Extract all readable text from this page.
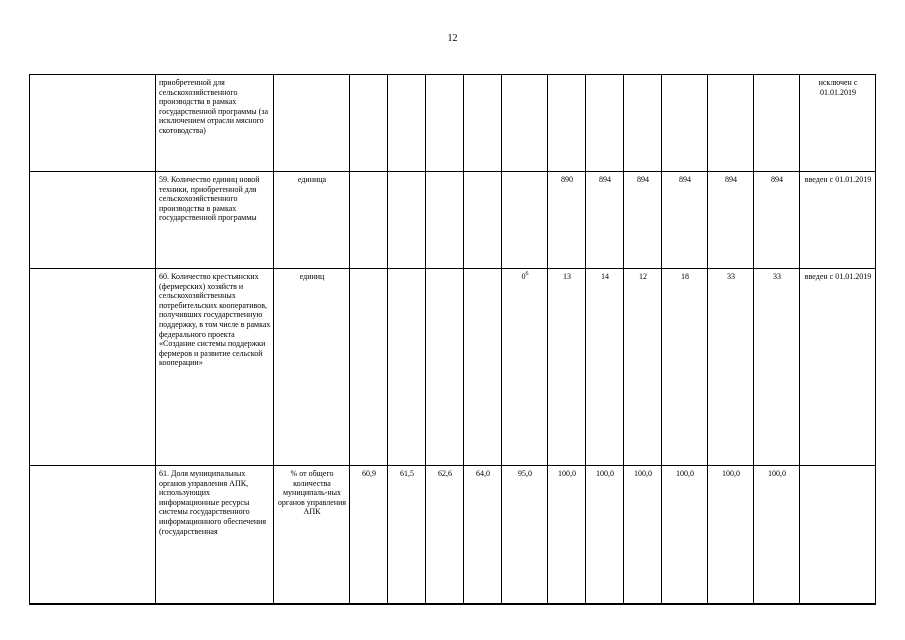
12
	приобретенной для сельскохозяйственного производства в рамках государственной программы (за исключением отрасли мясного скотоводства)													исключен с 01.01.2019
	59. Количество единиц новой техники, приобретенной для сельскохозяйственного производства в рамках государственной программы	единица						890	894	894	894	894	894	введен с 01.01.2019
	60. Количество крестьянских (фермерских) хозяйств и сельскохозяйственных потребительских кооперативов, получивших государственную поддержку, в том числе в рамках федерального проекта «Создание системы поддержки фермеров и развитие сельской кооперации»	единиц					$0^6$	13	14	12	18	33	33	введен с 01.01.2019
	61. Доля муниципальных органов управления АПК, использующих информационные ресурсы системы государственного информационного обеспечения (государственная	% от общего количества муниципаль-ных органов управления АПК	60,9	61,5	62,6	64,0	95,0	100,0	100,0	100,0	100,0	100,0	100,0	
